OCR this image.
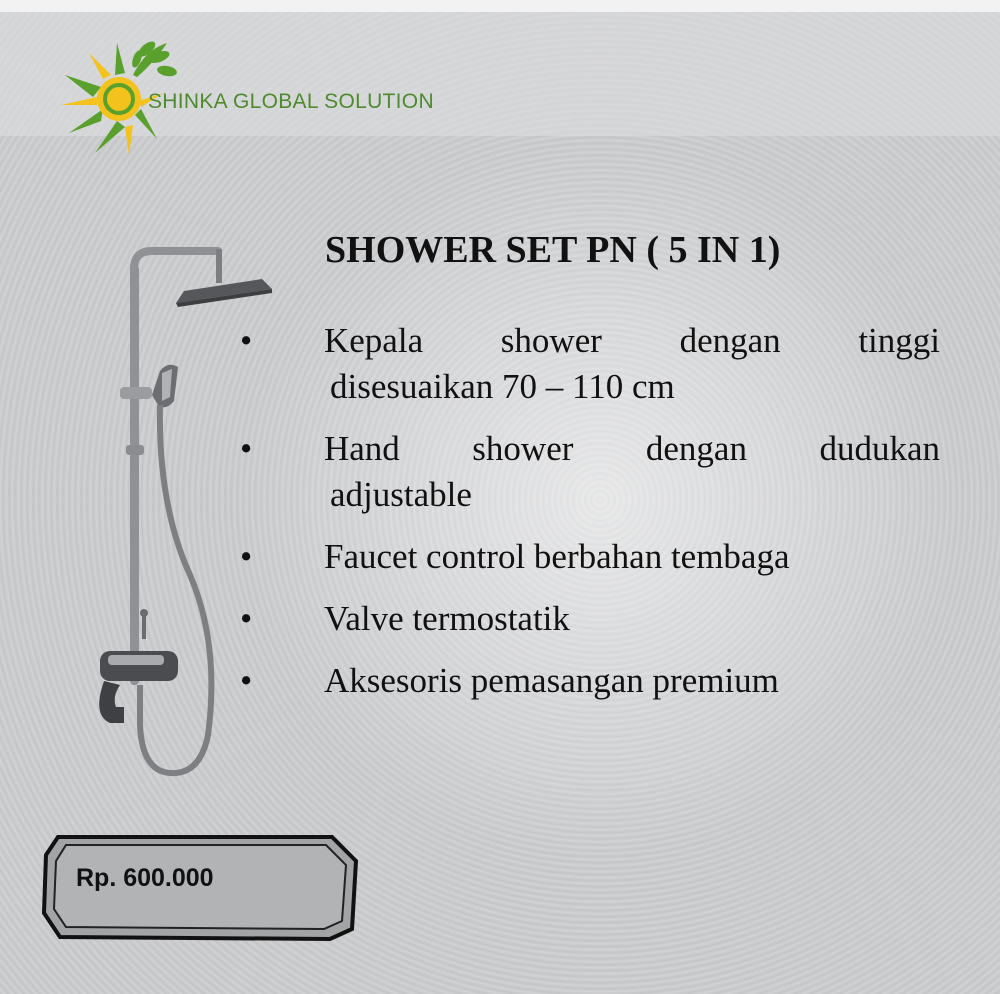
SHINKA GLOBAL SOLUTION
SHOWER SET PN ( 5 IN 1)
•	Kepala shower dengan tinggi
disesuaikan 70 – 110 cm
•	Hand shower dengan dudukan
adjustable
•	Faucet control berbahan tembaga
•	Valve termostatik
•	Aksesoris pemasangan premium
Rp. 600.000
